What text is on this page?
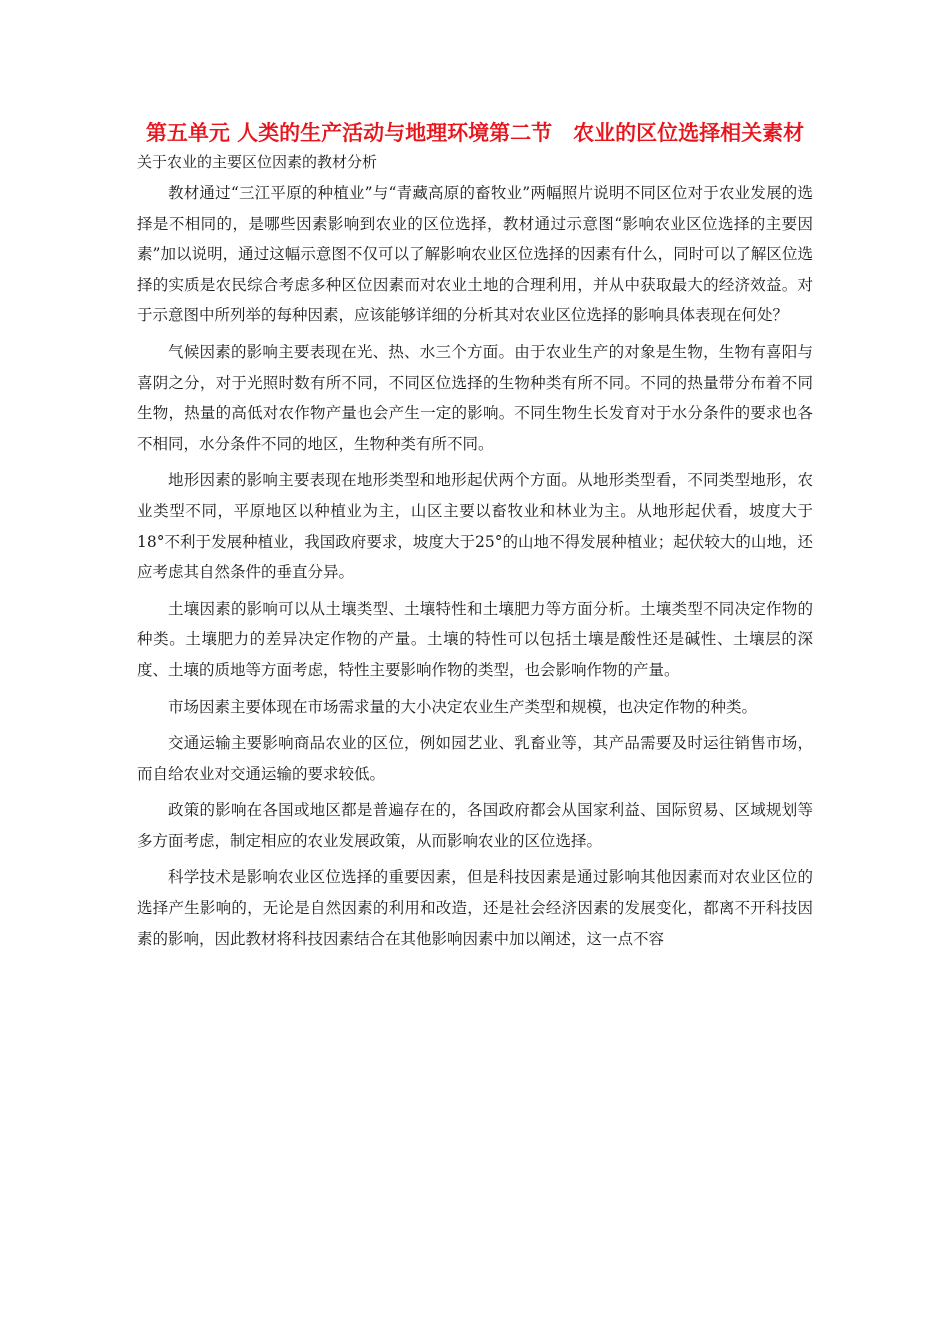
第五单元 人类的生产活动与地理环境第二节　农业的区位选择相关素材

关于农业的主要区位因素的教材分析

教材通过“三江平原的种植业”与“青藏高原的畜牧业”两幅照片说明不同区位对于农业发展的选择是不相同的，是哪些因素影响到农业的区位选择，教材通过示意图“影响农业区位选择的主要因素”加以说明，通过这幅示意图不仅可以了解影响农业区位选择的因素有什么，同时可以了解区位选择的实质是农民综合考虑多种区位因素而对农业土地的合理利用，并从中获取最大的经济效益。对于示意图中所列举的每种因素，应该能够详细的分析其对农业区位选择的影响具体表现在何处？

气候因素的影响主要表现在光、热、水三个方面。由于农业生产的对象是生物，生物有喜阳与喜阴之分，对于光照时数有所不同，不同区位选择的生物种类有所不同。不同的热量带分布着不同生物，热量的高低对农作物产量也会产生一定的影响。不同生物生长发育对于水分条件的要求也各不相同，水分条件不同的地区，生物种类有所不同。

地形因素的影响主要表现在地形类型和地形起伏两个方面。从地形类型看，不同类型地形，农业类型不同，平原地区以种植业为主，山区主要以畜牧业和林业为主。从地形起伏看，坡度大于18°不利于发展种植业，我国政府要求，坡度大于25°的山地不得发展种植业；起伏较大的山地，还应考虑其自然条件的垂直分异。

土壤因素的影响可以从土壤类型、土壤特性和土壤肥力等方面分析。土壤类型不同决定作物的种类。土壤肥力的差异决定作物的产量。土壤的特性可以包括土壤是酸性还是碱性、土壤层的深度、土壤的质地等方面考虑，特性主要影响作物的类型，也会影响作物的产量。

市场因素主要体现在市场需求量的大小决定农业生产类型和规模，也决定作物的种类。

交通运输主要影响商品农业的区位，例如园艺业、乳畜业等，其产品需要及时运往销售市场，而自给农业对交通运输的要求较低。

政策的影响在各国或地区都是普遍存在的，各国政府都会从国家利益、国际贸易、区域规划等多方面考虑，制定相应的农业发展政策，从而影响农业的区位选择。

科学技术是影响农业区位选择的重要因素，但是科技因素是通过影响其他因素而对农业区位的选择产生影响的，无论是自然因素的利用和改造，还是社会经济因素的发展变化，都离不开科技因素的影响，因此教材将科技因素结合在其他影响因素中加以阐述，这一点不容
